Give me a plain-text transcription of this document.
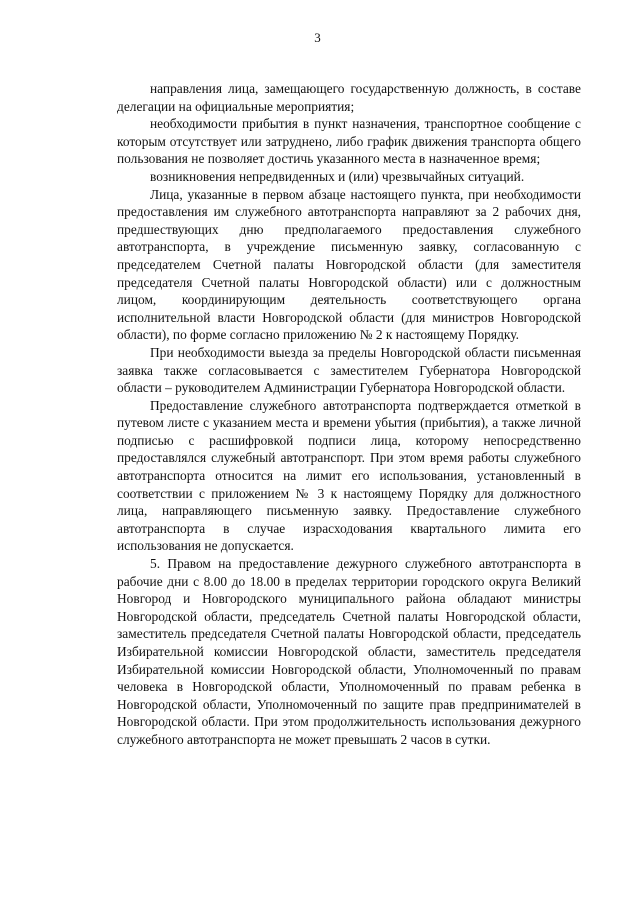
3

направления лица, замещающего государственную должность, в составе делегации на официальные мероприятия;

необходимости прибытия в пункт назначения, транспортное сообщение с которым отсутствует или затруднено, либо график движения транспорта общего пользования не позволяет достичь указанного места в назначенное время;

возникновения непредвиденных и (или) чрезвычайных ситуаций.

Лица, указанные в первом абзаце настоящего пункта, при необходимости предоставления им служебного автотранспорта направляют за 2 рабочих дня, предшествующих дню предполагаемого предоставления служебного автотранспорта, в учреждение письменную заявку, согласованную с председателем Счетной палаты Новгородской области (для заместителя председателя Счетной палаты Новгородской области) или с должностным лицом, координирующим деятельность соответствующего органа исполнительной власти Новгородской области (для министров Новгородской области), по форме согласно приложению № 2 к настоящему Порядку.

При необходимости выезда за пределы Новгородской области письменная заявка также согласовывается с заместителем Губернатора Новгородской области – руководителем Администрации Губернатора Новгородской области.

Предоставление служебного автотранспорта подтверждается отметкой в путевом листе с указанием места и времени убытия (прибытия), а также личной подписью с расшифровкой подписи лица, которому непосредственно предоставлялся служебный автотранспорт. При этом время работы служебного автотранспорта относится на лимит его использования, установленный в соответствии с приложением № 3 к настоящему Порядку для должностного лица, направляющего письменную заявку. Предоставление служебного автотранспорта в случае израсходования квартального лимита его использования не допускается.

5. Правом на предоставление дежурного служебного автотранспорта в рабочие дни с 8.00 до 18.00 в пределах территории городского округа Великий Новгород и Новгородского муниципального района обладают министры Новгородской области, председатель Счетной палаты Новгородской области, заместитель председателя Счетной палаты Новгородской области, председатель Избирательной комиссии Новгородской области, заместитель председателя Избирательной комиссии Новгородской области, Уполномоченный по правам человека в Новгородской области, Уполномоченный по правам ребенка в Новгородской области, Уполномоченный по защите прав предпринимателей в Новгородской области. При этом продолжительность использования дежурного служебного автотранспорта не может превышать 2 часов в сутки.
